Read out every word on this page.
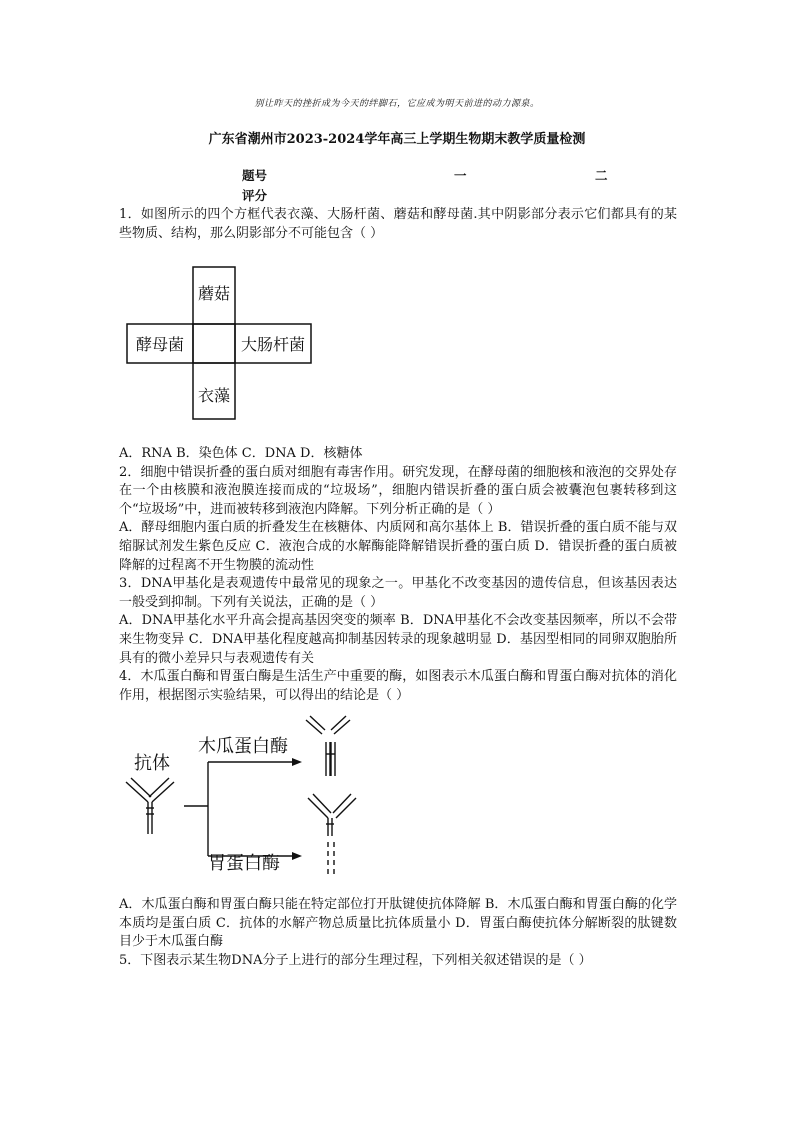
别让昨天的挫折成为今天的绊脚石，它应成为明天前进的动力源泉。
广东省潮州市2023-2024学年高三上学期生物期末教学质量检测
题号	一	二
评分

1．如图所示的四个方框代表衣藻、大肠杆菌、蘑菇和酵母菌.其中阴影部分表示它们都具有的某些物质、结构，那么阴影部分不可能包含（ ）

蘑菇
酵母菌	大肠杆菌
衣藻

A．RNA B．染色体 C．DNA D．核糖体

2．细胞中错误折叠的蛋白质对细胞有毒害作用。研究发现，在酵母菌的细胞核和液泡的交界处存在一个由核膜和液泡膜连接而成的“垃圾场”，细胞内错误折叠的蛋白质会被囊泡包裹转移到这个“垃圾场”中，进而被转移到液泡内降解。下列分析正确的是（ ）

A．酵母细胞内蛋白质的折叠发生在核糖体、内质网和高尔基体上 B．错误折叠的蛋白质不能与双缩脲试剂发生紫色反应 C．液泡合成的水解酶能降解错误折叠的蛋白质 D．错误折叠的蛋白质被降解的过程离不开生物膜的流动性

3．DNA甲基化是表观遗传中最常见的现象之一。甲基化不改变基因的遗传信息，但该基因表达一般受到抑制。下列有关说法，正确的是（ ）

A．DNA甲基化水平升高会提高基因突变的频率 B．DNA甲基化不会改变基因频率，所以不会带来生物变异 C．DNA甲基化程度越高抑制基因转录的现象越明显 D．基因型相同的同卵双胞胎所具有的微小差异只与表观遗传有关

4．木瓜蛋白酶和胃蛋白酶是生活生产中重要的酶，如图表示木瓜蛋白酶和胃蛋白酶对抗体的消化作用，根据图示实验结果，可以得出的结论是（ ）

抗体
木瓜蛋白酶
胃蛋白酶

A．木瓜蛋白酶和胃蛋白酶只能在特定部位打开肽键使抗体降解 B．木瓜蛋白酶和胃蛋白酶的化学本质均是蛋白质 C．抗体的水解产物总质量比抗体质量小 D．胃蛋白酶使抗体分解断裂的肽键数目少于木瓜蛋白酶

5．下图表示某生物DNA分子上进行的部分生理过程，下列相关叙述错误的是（ ）
